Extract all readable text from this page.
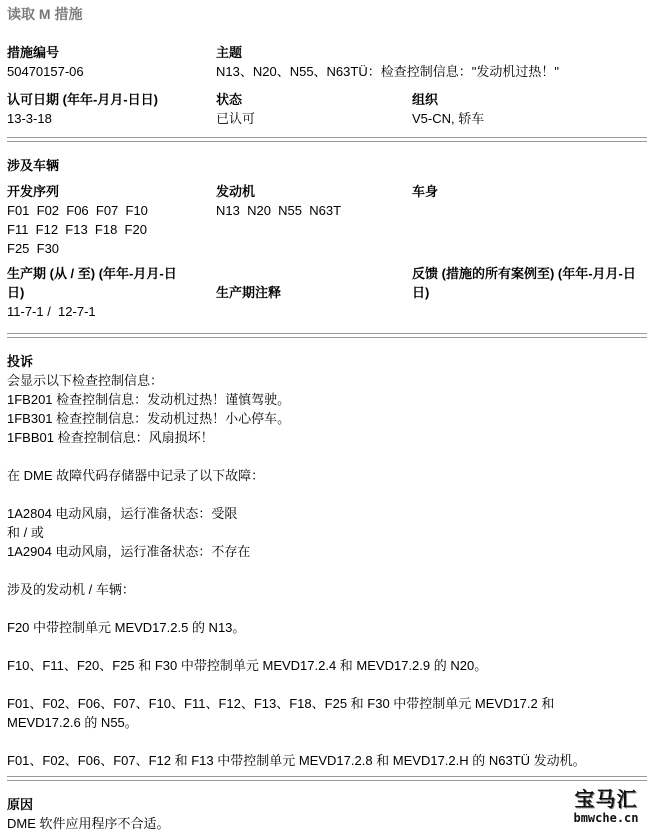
读取 M 措施
措施编号
50470157-06
主题
N13、N20、N55、N63TÜ：检查控制信息："发动机过热！"
认可日期 (年年-月月-日日)
13-3-18
状态
已认可
组织
V5-CN, 轿车
涉及车辆
开发序列
F01  F02  F06  F07  F10
F11  F12  F13  F18  F20
F25  F30
发动机
N13  N20  N55  N63T
车身
生产期 (从 / 至) (年年-月月-日
日)
11-7-1 /  12-7-1
生产期注释
反馈 (措施的所有案例至) (年年-月月-日
日)
投诉

会显示以下检查控制信息：

1FB201 检查控制信息：发动机过热！谨慎驾驶。

1FB301 检查控制信息：发动机过热！小心停车。

1FBB01 检查控制信息：风扇损坏！

在 DME 故障代码存储器中记录了以下故障：

1A2804 电动风扇，运行准备状态：受限

和 / 或

1A2904 电动风扇，运行准备状态：不存在

涉及的发动机 / 车辆：

F20 中带控制单元 MEVD17.2.5 的 N13。

F10、F11、F20、F25 和 F30 中带控制单元 MEVD17.2.4 和 MEVD17.2.9 的 N20。

F01、F02、F06、F07、F10、F11、F12、F13、F18、F25 和 F30 中带控制单元 MEVD17.2 和

MEVD17.2.6 的 N55。

F01、F02、F06、F07、F12 和 F13 中带控制单元 MEVD17.2.8 和 MEVD17.2.H 的 N63TÜ 发动机。

原因

DME 软件应用程序不合适。

宝马汇
bmwche.cn
